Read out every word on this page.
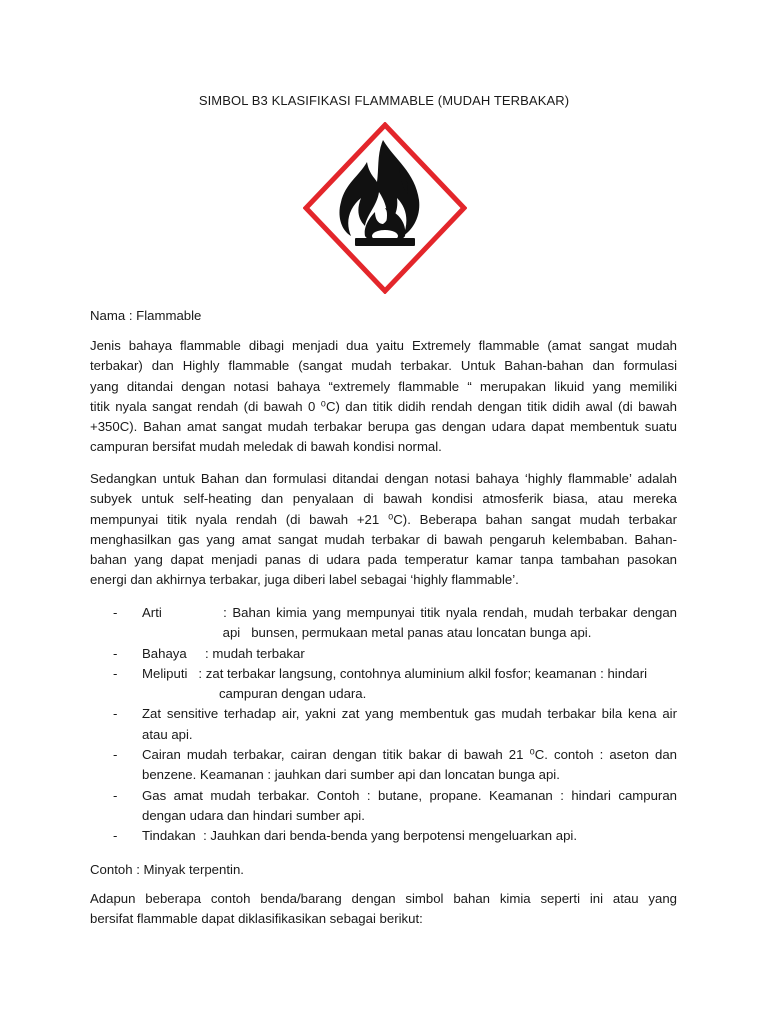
SIMBOL B3 KLASIFIKASI FLAMMABLE (MUDAH TERBAKAR)

Nama : Flammable

Jenis bahaya flammable dibagi menjadi dua yaitu Extremely flammable (amat sangat mudah
terbakar) dan Highly flammable (sangat mudah terbakar. Untuk Bahan-bahan dan formulasi
yang ditandai dengan notasi bahaya “extremely flammable “ merupakan likuid yang memiliki
titik nyala sangat rendah (di bawah 0 ⁰C) dan titik didih rendah dengan titik didih awal (di bawah
+350C). Bahan amat sangat mudah terbakar berupa gas dengan udara dapat membentuk suatu
campuran bersifat mudah meledak di bawah kondisi normal.
Sedangkan untuk Bahan dan formulasi ditandai dengan notasi bahaya ‘highly flammable’ adalah
subyek untuk self-heating dan penyalaan di bawah kondisi atmosferik biasa, atau mereka
mempunyai titik nyala rendah (di bawah +21 ⁰C). Beberapa bahan sangat mudah terbakar
menghasilkan gas yang amat sangat mudah terbakar di bawah pengaruh kelembaban. Bahan-
bahan yang dapat menjadi panas di udara pada temperatur kamar tanpa tambahan pasokan
energi dan akhirnya terbakar, juga diberi label sebagai ‘highly flammable’.
- Arti           : Bahan kimia yang mempunyai titik nyala rendah, mudah terbakar dengan
api   bunsen, permukaan metal panas atau loncatan bunga api.
- Bahaya     : mudah terbakar
- Meliputi   : zat terbakar langsung, contohnya aluminium alkil fosfor; keamanan : hindari
campuran dengan udara.
- Zat sensitive terhadap air, yakni zat yang membentuk gas mudah terbakar bila kena air
atau api.
- Cairan mudah terbakar, cairan dengan titik bakar di bawah 21 ⁰C. contoh : aseton dan
benzene. Keamanan : jauhkan dari sumber api dan loncatan bunga api.
- Gas amat mudah terbakar. Contoh : butane, propane. Keamanan : hindari campuran
dengan udara dan hindari sumber api.
- Tindakan  : Jauhkan dari benda-benda yang berpotensi mengeluarkan api.

Contoh : Minyak terpentin.

Adapun beberapa contoh benda/barang dengan simbol bahan kimia seperti ini atau yang
bersifat flammable dapat diklasifikasikan sebagai berikut:
